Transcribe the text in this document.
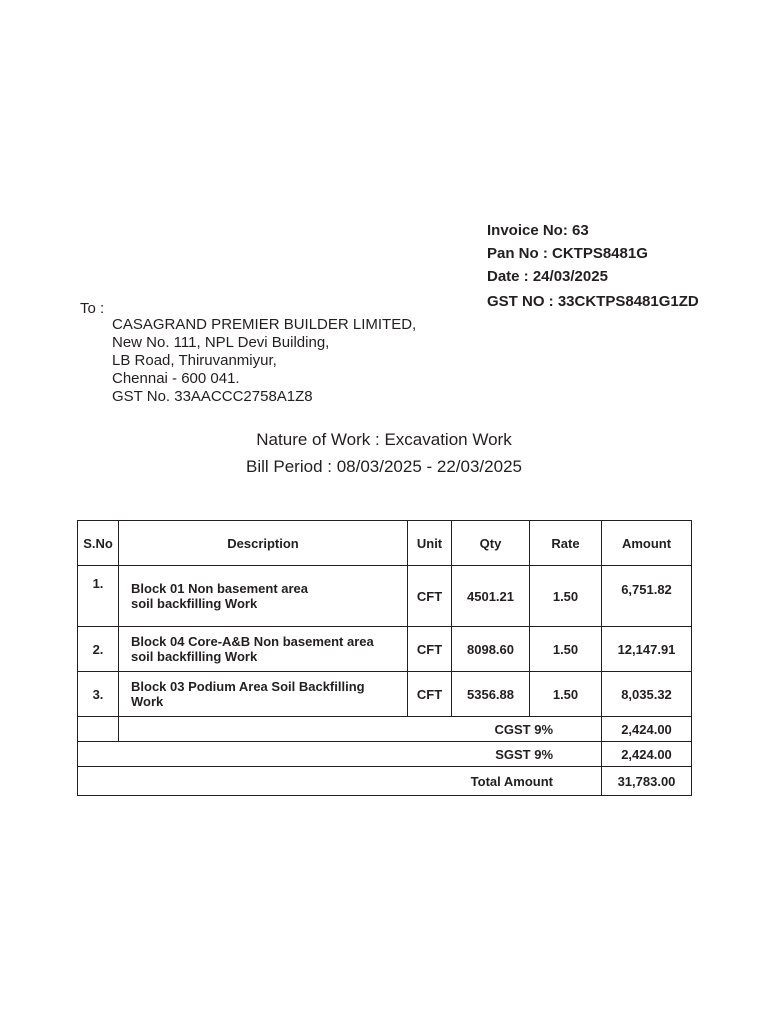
Invoice No: 63
Pan No : CKTPS8481G
Date : 24/03/2025
GST NO : 33CKTPS8481G1ZD
To :
CASAGRAND PREMIER BUILDER LIMITED,
New No. 111, NPL Devi Building,
LB Road, Thiruvanmiyur,
Chennai - 600 041.
GST No. 33AACCC2758A1Z8
Nature of Work : Excavation Work
Bill Period : 08/03/2025 - 22/03/2025
S.No	Description	Unit	Qty	Rate	Amount
1.	Block 01 Non basement area
soil backfilling Work	CFT	4501.21	1.50	6,751.82
2.	Block 04 Core-A&B Non basement area
soil backfilling Work	CFT	8098.60	1.50	12,147.91
3.	Block 03 Podium Area Soil Backfilling
Work	CFT	5356.88	1.50	8,035.32
	CGST 9%				2,424.00
SGST 9%					2,424.00
Total Amount					31,783.00
